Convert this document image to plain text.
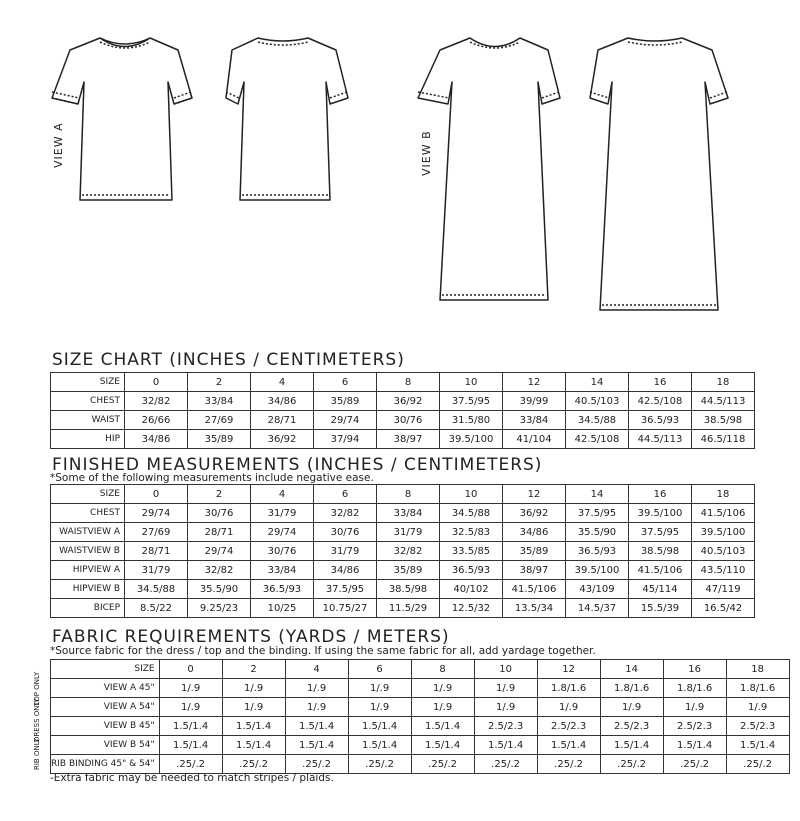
VIEW A	VIEW B
SIZE CHART (INCHES / CENTIMETERS)
SIZE	0	2	4	6	8	10	12	14	16	18
CHEST	32/82	33/84	34/86	35/89	36/92	37.5/95	39/99	40.5/103	42.5/108	44.5/113
WAIST	26/66	27/69	28/71	29/74	30/76	31.5/80	33/84	34.5/88	36.5/93	38.5/98
HIP	34/86	35/89	36/92	37/94	38/97	39.5/100	41/104	42.5/108	44.5/113	46.5/118
FINISHED MEASUREMENTS (INCHES / CENTIMETERS)
*Some of the following measurements include negative ease.
SIZE	0	2	4	6	8	10	12	14	16	18
CHEST	29/74	30/76	31/79	32/82	33/84	34.5/88	36/92	37.5/95	39.5/100	41.5/106
WAISTVIEW A	27/69	28/71	29/74	30/76	31/79	32.5/83	34/86	35.5/90	37.5/95	39.5/100
WAISTVIEW B	28/71	29/74	30/76	31/79	32/82	33.5/85	35/89	36.5/93	38.5/98	40.5/103
HIPVIEW A	31/79	32/82	33/84	34/86	35/89	36.5/93	38/97	39.5/100	41.5/106	43.5/110
HIPVIEW B	34.5/88	35.5/90	36.5/93	37.5/95	38.5/98	40/102	41.5/106	43/109	45/114	47/119
BICEP	8.5/22	9.25/23	10/25	10.75/27	11.5/29	12.5/32	13.5/34	14.5/37	15.5/39	16.5/42
FABRIC REQUIREMENTS (YARDS / METERS)
*Source fabric for the dress / top and the binding. If using the same fabric for all, add yardage together.
TOP ONLY
DRESS ONLY
RIB ONLY
SIZE	0	2	4	6	8	10	12	14	16	18
VIEW A 45"	1/.9	1/.9	1/.9	1/.9	1/.9	1/.9	1.8/1.6	1.8/1.6	1.8/1.6	1.8/1.6
VIEW A 54"	1/.9	1/.9	1/.9	1/.9	1/.9	1/.9	1/.9	1/.9	1/.9	1/.9
VIEW B 45"	1.5/1.4	1.5/1.4	1.5/1.4	1.5/1.4	1.5/1.4	2.5/2.3	2.5/2.3	2.5/2.3	2.5/2.3	2.5/2.3
VIEW B 54"	1.5/1.4	1.5/1.4	1.5/1.4	1.5/1.4	1.5/1.4	1.5/1.4	1.5/1.4	1.5/1.4	1.5/1.4	1.5/1.4
RIB BINDING 45" & 54"	.25/.2	.25/.2	.25/.2	.25/.2	.25/.2	.25/.2	.25/.2	.25/.2	.25/.2	.25/.2
-Extra fabric may be needed to match stripes / plaids.
